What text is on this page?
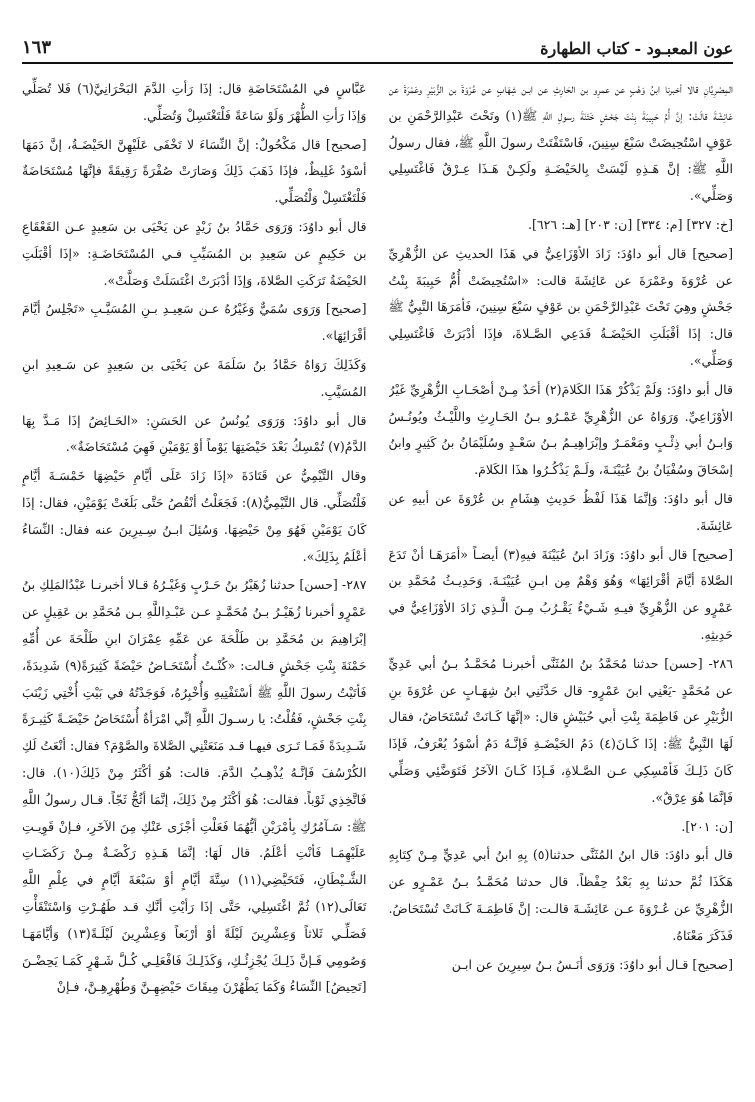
عون المعبـود - كتاب الطهارة
١٦٣

المِصْرِيَّانِ قالا أخبرنا ابنُ وَهْبٍ عن عمرِو بن الحَارِثِ عن ابـن شِهَابٍ عن عُرْوَةَ بن الزُّبَيْرِ وعَمْرَةَ عن عَائِشَةَ قالَتْ: إنَّ أُمَّ حَبِيبَةَ بِنْتَ جَحْشٍ خَتَنَةَ رسولِ اللَّهِ ﷺ(١) وتَحْتَ عَبْدِالرَّحْمَنِ بن عَوْفٍ اسْتُحِيضَتْ سَبْعَ سِنِينَ، فَاسْتَفْتَتْ رسولَ اللَّهِ ﷺ، فقال رسولُ اللَّهِ ﷺ: إنَّ هَـذِهِ لَيْسَتْ بِالحَيْضَـةِ ولَكِـنْ هَـذَا عِـرْقٌ فَاغْتَسِلِي وَصَلِّي».

[خ: ٣٢٧] [م: ٣٣٤] [ن: ٢٠٣] [هـ: ٦٢٦].

[صحيح] قال أبو داوُدَ: زَادَ الأوْزَاعِيُّ في هَذَا الحديثِ عن الزُّهْرِيِّ عن عُرْوَةَ وعَمْرَةَ عن عَائِشَةَ قالت: «اسْتُحِيضَتْ أُمُّ حَبِيبَةَ بِنْتُ جَحْشٍ وهِيَ تَحْتَ عَبْدِالرَّحْمَنِ بن عَوْفٍ سَبْعَ سِنِينَ، فَأمَرَهَا النَّبِيُّ ﷺ قال: إذَا أقْبَلَتِ الحَيْضَـةُ فَدَعِي الصَّـلاةَ، فإذَا أدْبَرَتْ فَاغْتَسِلِي وَصَلِّي».

قال أبو داوُدَ: وَلَمْ يَذْكُرْ هَذَا الكَلامَ(٢) أحَدٌ مِـنْ أصْحَـابِ الزُّهْرِيِّ غَيْرُ الأوْزَاعِيِّ. وَرَوَاهُ عن الزُّهْرِيِّ عَمْـرُو بـنُ الحَـارِثِ واللَّيْـثُ ويُونُـسُ وَابـنُ أبي ذِئْـبٍ ومَعْمَـرٌ وإبْرَاهِيـمُ بـنُ سَعْـدٍ وسُلَيْمَانُ بنُ كَثِيرٍ وابنُ إسْحَاقَ وسُفْيَانُ بنُ عُيَيْنَـةَ، ولَـمْ يَذْكُـرُوا هذَا الكَلامَ.

قال أبو داوُدَ: وَإنَّمَا هَذَا لَفْظُ حَدِيثِ هِشَامِ بن عُرْوَةَ عن أبيهِ عن عَائِشَةَ.

[صحيح] قال أبو داوُدَ: وَزَادَ ابنُ عُيَيْنَةَ فيهِ(٣) أيضـاً «أمَرَهَـا أنْ تَدَعَ الصَّلاةَ أيَّامَ أقْرَائِهَا» وَهُوَ وَهْمٌ مِن ابـنِ عُيَيْنَـةَ. وَحَدِيـثُ مُحَمَّدِ بن عَمْرٍو عن الزُّهْرِيِّ فيـهِ شَـيْءٌ يَقْـرُبُ مِـنَ الَّـذِي زَادَ الأوْزَاعِيُّ في حَدِيثِهِ.

٢٨٦- [حسن] حدثنا مُحَمَّدُ بنُ المُثَنَّى أخبرنـا مُحَمَّـدُ بـنُ أبي عَدِيٍّ عن مُحَمَّدٍ -يَعْنِي ابنَ عَمْرٍو- قال حَدَّثَنِي ابنُ شِهَـابٍ عن عُرْوَةَ بنِ الزُّبَيْرِ عن فَاطِمَةَ بِنْتِ أبي حُبَيْشٍ قال: «إنَّهَا كَـانَتْ تُسْتَحَاضُ، فقال لَهَا النَّبِيُّ ﷺ: إذَا كَـانَ(٤) دَمُ الحَيْضَـةِ فَإنَّـهُ دَمٌ أسْوَدُ يُعْرَفُ، فَإذَا كَانَ ذَلِـكَ فَأمْسِكِي عـن الصَّـلاةِ، فَـإذَا كَـانَ الآخَرُ فَتَوَضَّئِي وَصَلِّي فَإنَّمَا هُوَ عِرْقٌ».

[ن: ٢٠١].

قال أبو داوُدَ: قال ابنُ المُثَنَّى حدثنا(٥) بِهِ ابنُ أبي عَدِيٍّ مِـنْ كِتَابِهِ هَكَذَا ثُمَّ حدثنا بِهِ بَعْدُ حِفْظاً. قال حدثنا مُحَمَّـدُ بـنُ عَمْـرٍو عن الزُّهْرِيِّ عن عُـرْوَةَ عـن عَائِشَـةَ قالـت: إنَّ فَاطِمَـةَ كَـانَتْ تُسْتَحَاضُ. فَذَكَرَ مَعْنَاهُ.

[صحيح] قـال أبو داوُدَ: وَرَوَى أنَـسُ بـنُ سِيرِينَ عن ابـن

عَبَّاسٍ في المُسْتَحَاضَةِ قال: إذَا رَأتِ الدَّمَ البَحْرَانِيَّ(٦) فَلا تُصَلِّي وَإذَا رَأتِ الطُّهْرَ وَلَوْ سَاعَةً فَلْتَغْتَسِلْ وَتُصَلِّي.

[صحيح] قال مَكْحُولٌ: إنَّ النِّسَاءَ لا تَخْفَى عَلَيْهِنَّ الحَيْضَـةُ، إنَّ دَمَهَا أسْوَدُ غَلِيظٌ، فإذَا ذَهَبَ ذَلِكَ وَصَارَتْ صُفْرَةً رَقِيقَةً فإنَّهَا مُسْتَحَاضَةٌ فَلْتَغْتَسِلْ وَلْتُصَلِّي.

قال أبو داوُدَ: وَرَوَى حَمَّادُ بنُ زَيْدٍ عن يَحْيَى بن سَعِيدٍ عـن القَعْقَاعِ بن حَكِيمٍ عن سَعِيدِ بن المُسَيِّبِ فـي المُسْتَحَاضَـةِ: «إذَا أقْبَلَتِ الحَيْضَةُ تَرَكَتِ الصَّلاةَ، وَإذَا أدْبَرَتْ اغْتَسَلَتْ وَصَلَّتْ».

[صحيح] وَرَوَى سُمَيٌّ وَغَيْرُهُ عـن سَعِيـدِ بـنِ المُسَيَّـبِ «تَجْلِسُ أيَّامَ أقْرَائِهَا».

وَكَذَلِكَ رَوَاهُ حَمَّادُ بنُ سَلَمَةَ عن يَحْيَى بن سَعِيدٍ عن سَـعِيدِ ابنِ المُسَيَّبِ.

قال أبو داوُدَ: وَرَوَى يُونُسُ عن الحَسَنِ: «الحَـائِضُ إذَا مَـدَّ بِهَا الدَّمُ(٧) تُمْسِكُ بَعْدَ حَيْضَتِهَا يَوْماً أوْ يَوْمَيْنِ فَهِيَ مُسْتَحَاضَةٌ».

وقال التَّيْمِيُّ عن قَتَادَةَ «إذَا زَادَ عَلَى أيَّامِ حَيْضِهَا خَمْسَـةَ أيَّامٍ فَلْتُصَلِّي. قال التَّيْمِيُّ(٨): فَجَعَلْتُ أنْقُصُ حَتَّى بَلَغَتْ يَوْمَيْنِ، فقال: إذَا كَانَ يَوْمَيْنِ فَهُوَ مِنْ حَيْضِهَا. وَسُئِلَ ابـنُ سِـيرِينَ عنه فقال: النِّسَاءُ أعْلَمُ بِذَلِكَ».

٢٨٧- [حسن] حدثنا زُهَيْرُ بنُ حَـرْبٍ وَغَيْـرُهُ قـالا أخبرنـا عَبْدُالمَلِكِ بنُ عَمْرٍو أخبرنا زُهَيْـرُ بـنُ مُحَمَّـدٍ عـن عَبْـدِاللَّهِ بـن مُحَمَّدِ بن عَقِيلٍ عن إبْرَاهِيمَ بن مُحَمَّدِ بن طَلْحَةَ عن عَمِّهِ عِمْرَانَ ابنِ طَلْحَةَ عن أُمِّهِ حَمْنَةَ بِنْتِ جَحْشٍ قـالت: «كُنْـتُ أُسْتَحَـاضُ حَيْضَةً كَثِيرَةً(٩) شَدِيدَةً، فَأتَيْتُ رسولَ اللَّهِ ﷺ أسْتَفْتِيهِ وَأُخْبِرُهُ، فَوَجَدْتُهُ في بَيْتِ أُخْتِي زَيْنَبَ بِنْتِ جَحْشٍ، فَقُلْتُ: يا رسـولَ اللَّهِ إنِّي امْرَأةٌ أُسْتَحَاضُ حَيْضَـةً كَثِيـرَةً شَـدِيدَةً فَمَـا تَـرَى فيهـا قـد مَنَعَتْنِي الصَّلاةَ والصَّوْمَ؟ فقال: أنْعَتُ لَكِ الكُرْسُفَ فَإنَّـهُ يُذْهِـبُ الدَّمَ. قالت: هُوَ أكْثَرُ مِنْ ذَلِكَ(١٠). قال: فَاتَّخِذِي ثَوْباً. فقالت: هُوَ أكْثَرُ مِنْ ذَلِكَ، إنَّمَا أثُجُّ ثَجّاً. قـال رسولُ اللَّهِ ﷺ: سَـآمُرُكِ بِأمْرَيْنِ أيُّهُمَا فَعَلْتِ أجْزَى عَنْكِ مِنَ الآخَرِ، فـإنْ قَوِيـتِ عَلَيْهِمَـا فَأنْتِ أعْلَمُ. قال لَهَا: إنَّمَا هَـذِهِ رَكْضَـةٌ مِـنْ رَكَضَـاتِ الشَّـيْطَانِ، فَتَحَيَّضِي(١١) سِتَّةَ أيَّامٍ أوْ سَبْعَةَ أيَّامٍ في عِلْمِ اللَّهِ تَعَالَى(١٢) ثُمَّ اغْتَسِلِي، حَتَّى إذَا رَأيْتِ أنَّكِ قـد طَهُـرْتِ وَاسْتَنْقَأْتِ فَصَلِّـي ثَلاثاً وَعِشْرِينَ لَيْلَةً أوْ أرْبَعاً وَعِشْرِينَ لَيْلَـةً(١٣) وَأيَّامَهَـا وَصُومِي فَـإنَّ ذَلِـكَ يُجْزِئُـكِ، وَكَذَلِـكَ فَافْعَلِـي كُـلَّ شَـهْرٍ كَمَـا يَحِضْـنَ [تَحِيضُ] النِّسَاءُ وَكَمَا يَطْهُرْنَ مِيقَاتَ حَيْضِهِـنَّ وَطُهْرِهِـنَّ، فـإنْ
